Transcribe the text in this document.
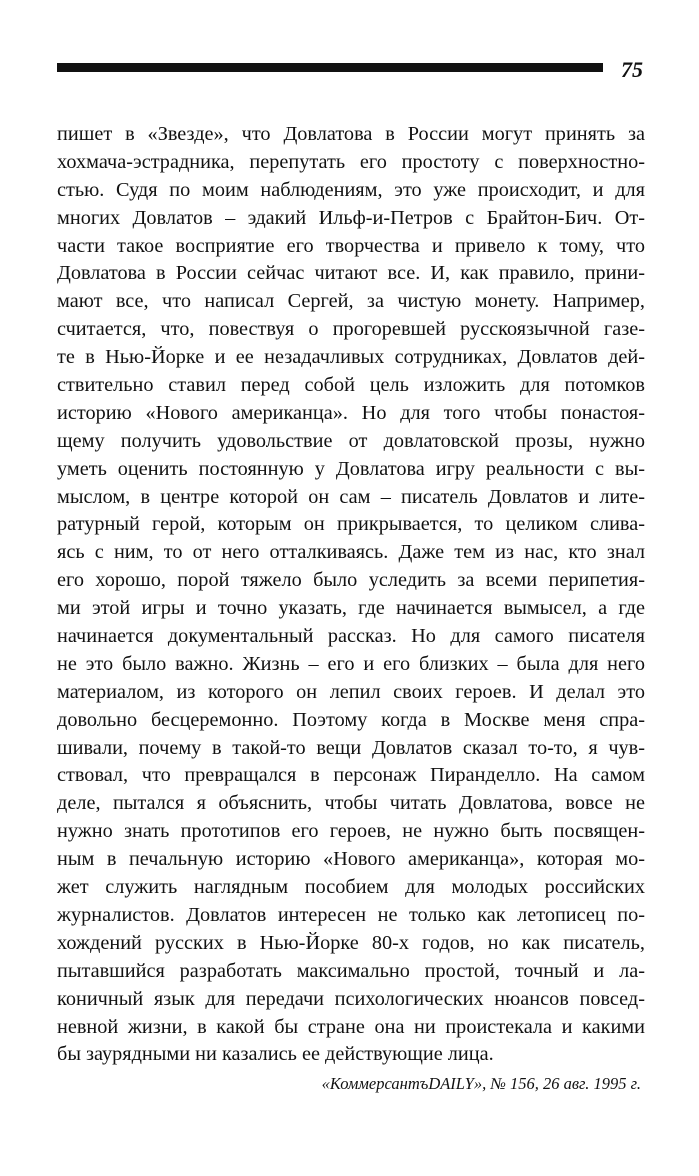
75
пишет в «Звезде», что Довлатова в России могут принять за
хохмача-эстрадника, перепутать его простоту с поверхностно-
стью. Судя по моим наблюдениям, это уже происходит, и для
многих Довлатов – эдакий Ильф-и-Петров с Брайтон-Бич. От-
части такое восприятие его творчества и привело к тому, что
Довлатова в России сейчас читают все. И, как правило, прини-
мают все, что написал Сергей, за чистую монету. Например,
считается, что, повествуя о прогоревшей русскоязычной газе-
те в Нью-Йорке и ее незадачливых сотрудниках, Довлатов дей-
ствительно ставил перед собой цель изложить для потомков
историю «Нового американца». Но для того чтобы понастоя-
щему получить удовольствие от довлатовской прозы, нужно
уметь оценить постоянную у Довлатова игру реальности с вы-
мыслом, в центре которой он сам – писатель Довлатов и лите-
ратурный герой, которым он прикрывается, то целиком слива-
ясь с ним, то от него отталкиваясь. Даже тем из нас, кто знал
его хорошо, порой тяжело было уследить за всеми перипетия-
ми этой игры и точно указать, где начинается вымысел, а где
начинается документальный рассказ. Но для самого писателя
не это было важно. Жизнь – его и его близких – была для него
материалом, из которого он лепил своих героев. И делал это
довольно бесцеремонно. Поэтому когда в Москве меня спра-
шивали, почему в такой-то вещи Довлатов сказал то-то, я чув-
ствовал, что превращался в персонаж Пиранделло. На самом
деле, пытался я объяснить, чтобы читать Довлатова, вовсе не
нужно знать прототипов его героев, не нужно быть посвящен-
ным в печальную историю «Нового американца», которая мо-
жет служить наглядным пособием для молодых российских
журналистов. Довлатов интересен не только как летописец по-
хождений русских в Нью-Йорке 80-х годов, но как писатель,
пытавшийся разработать максимально простой, точный и ла-
коничный язык для передачи психологических нюансов повсед-
невной жизни, в какой бы стране она ни проистекала и какими
бы заурядными ни казались ее действующие лица.
«КоммерсантъDAILY», № 156, 26 авг. 1995 г.
